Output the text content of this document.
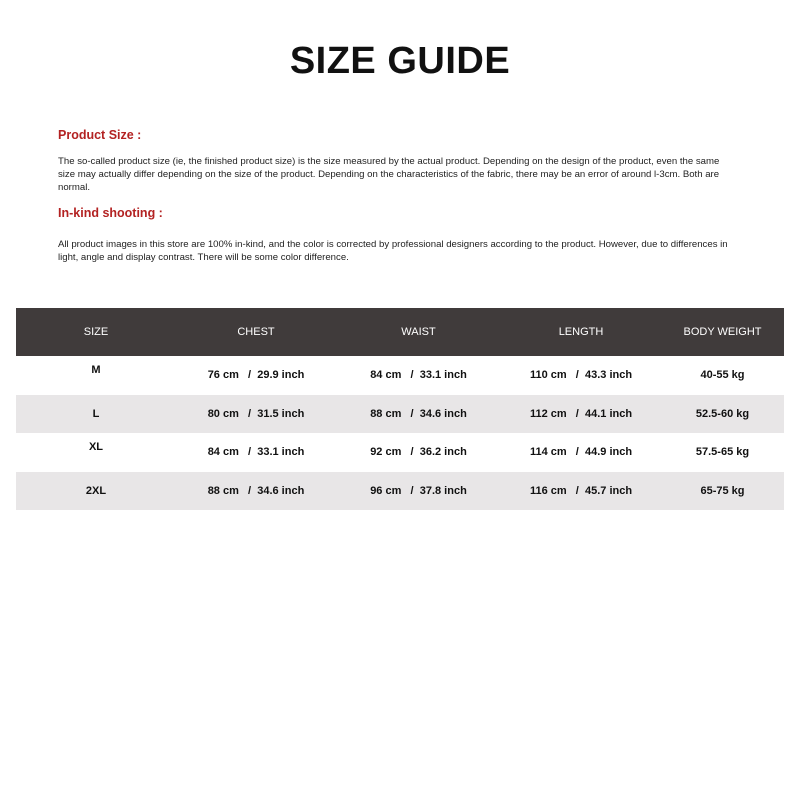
SIZE GUIDE
Product Size :
The so-called product size (ie, the finished product size) is the size measured by the actual product. Depending on the design of the product, even the same size may actually differ depending on the size of the product. Depending on the characteristics of the fabric, there may be an error of around l-3cm. Both are normal.
In-kind shooting :
All product images in this store are 100% in-kind, and the color is corrected by professional designers according to the product. However, due to differences in light, angle and display contrast. There will be some color difference.
SIZE	CHEST	WAIST	LENGTH	BODY WEIGHT
M	76 cm   /  29.9 inch	84 cm   /  33.1 inch	110 cm   /  43.3 inch	40-55 kg
L	80 cm   /  31.5 inch	88 cm   /  34.6 inch	112 cm   /  44.1 inch	52.5-60 kg
XL	84 cm   /  33.1 inch	92 cm   /  36.2 inch	114 cm   /  44.9 inch	57.5-65 kg
2XL	88 cm   /  34.6 inch	96 cm   /  37.8 inch	116 cm   /  45.7 inch	65-75 kg
